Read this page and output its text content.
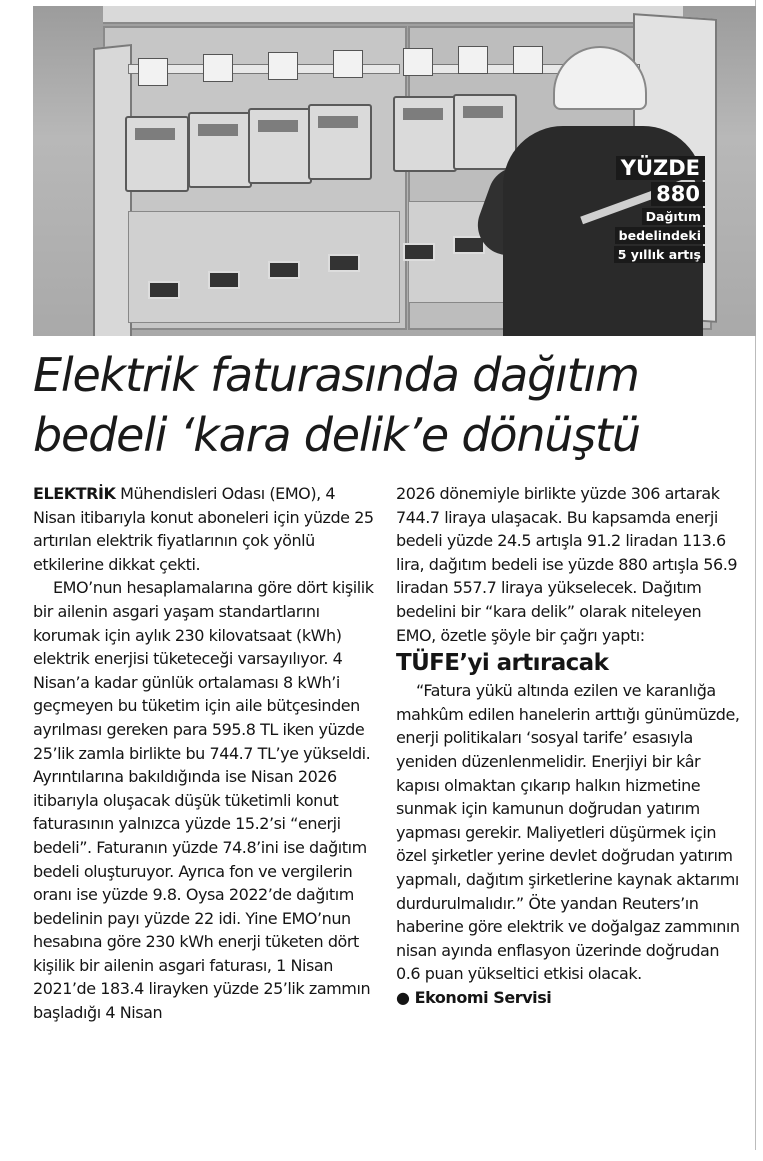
YÜZDE
880
Dağıtım
bedelindeki
5 yıllık artış
Elektrik faturasında dağıtım
bedeli ‘kara delik’e dönüştü

ELEKTRİK Mühendisleri Odası (EMO), 4 Nisan itibarıyla konut aboneleri için yüzde 25 artırılan elektrik fiyatlarının çok yönlü etkilerine dikkat çekti.

EMO’nun hesaplamalarına göre dört kişilik bir ailenin asgari yaşam standartlarını korumak için aylık 230 kilovatsaat (kWh) elektrik enerjisi tüketeceği varsayılıyor. 4 Nisan’a kadar günlük ortalaması 8 kWh’i geçmeyen bu tüketim için aile bütçesinden ayrılması gereken para 595.8 TL iken yüzde 25’lik zamla birlikte bu 744.7 TL’ye yükseldi. Ayrıntılarına bakıldığında ise Nisan 2026 itibarıyla oluşacak düşük tüketimli konut faturasının yalnızca yüzde 15.2’si “enerji bedeli”. Faturanın yüzde 74.8’ini ise dağıtım bedeli oluşturuyor. Ayrıca fon ve vergilerin oranı ise yüzde 9.8. Oysa 2022’de dağıtım bedelinin payı yüzde 22 idi. Yine EMO’nun hesabına göre 230 kWh enerji tüketen dört kişilik bir ailenin asgari faturası, 1 Nisan 2021’de 183.4 lirayken yüzde 25’lik zammın başladığı 4 Nisan

2026 dönemiyle birlikte yüzde 306 artarak 744.7 liraya ulaşacak. Bu kapsamda enerji bedeli yüzde 24.5 artışla 91.2 liradan 113.6 lira, dağıtım bedeli ise yüzde 880 artışla 56.9 liradan 557.7 liraya yükselecek. Dağıtım bedelini bir “kara delik” olarak niteleyen EMO, özetle şöyle bir çağrı yaptı:

TÜFE’yi artıracak

“Fatura yükü altında ezilen ve karanlığa mahkûm edilen hanelerin arttığı günümüzde, enerji politikaları ‘sosyal tarife’ esasıyla yeniden düzenlenmelidir. Enerjiyi bir kâr kapısı olmaktan çıkarıp halkın hizmetine sunmak için kamunun doğrudan yatırım yapması gerekir. Maliyetleri düşürmek için özel şirketler yerine devlet doğrudan yatırım yapmalı, dağıtım şirketlerine kaynak aktarımı durdurulmalıdır.” Öte yandan Reuters’ın haberine göre elektrik ve doğalgaz zammının nisan ayında enflasyon üzerinde doğrudan 0.6 puan yükseltici etkisi olacak.

● Ekonomi Servisi
